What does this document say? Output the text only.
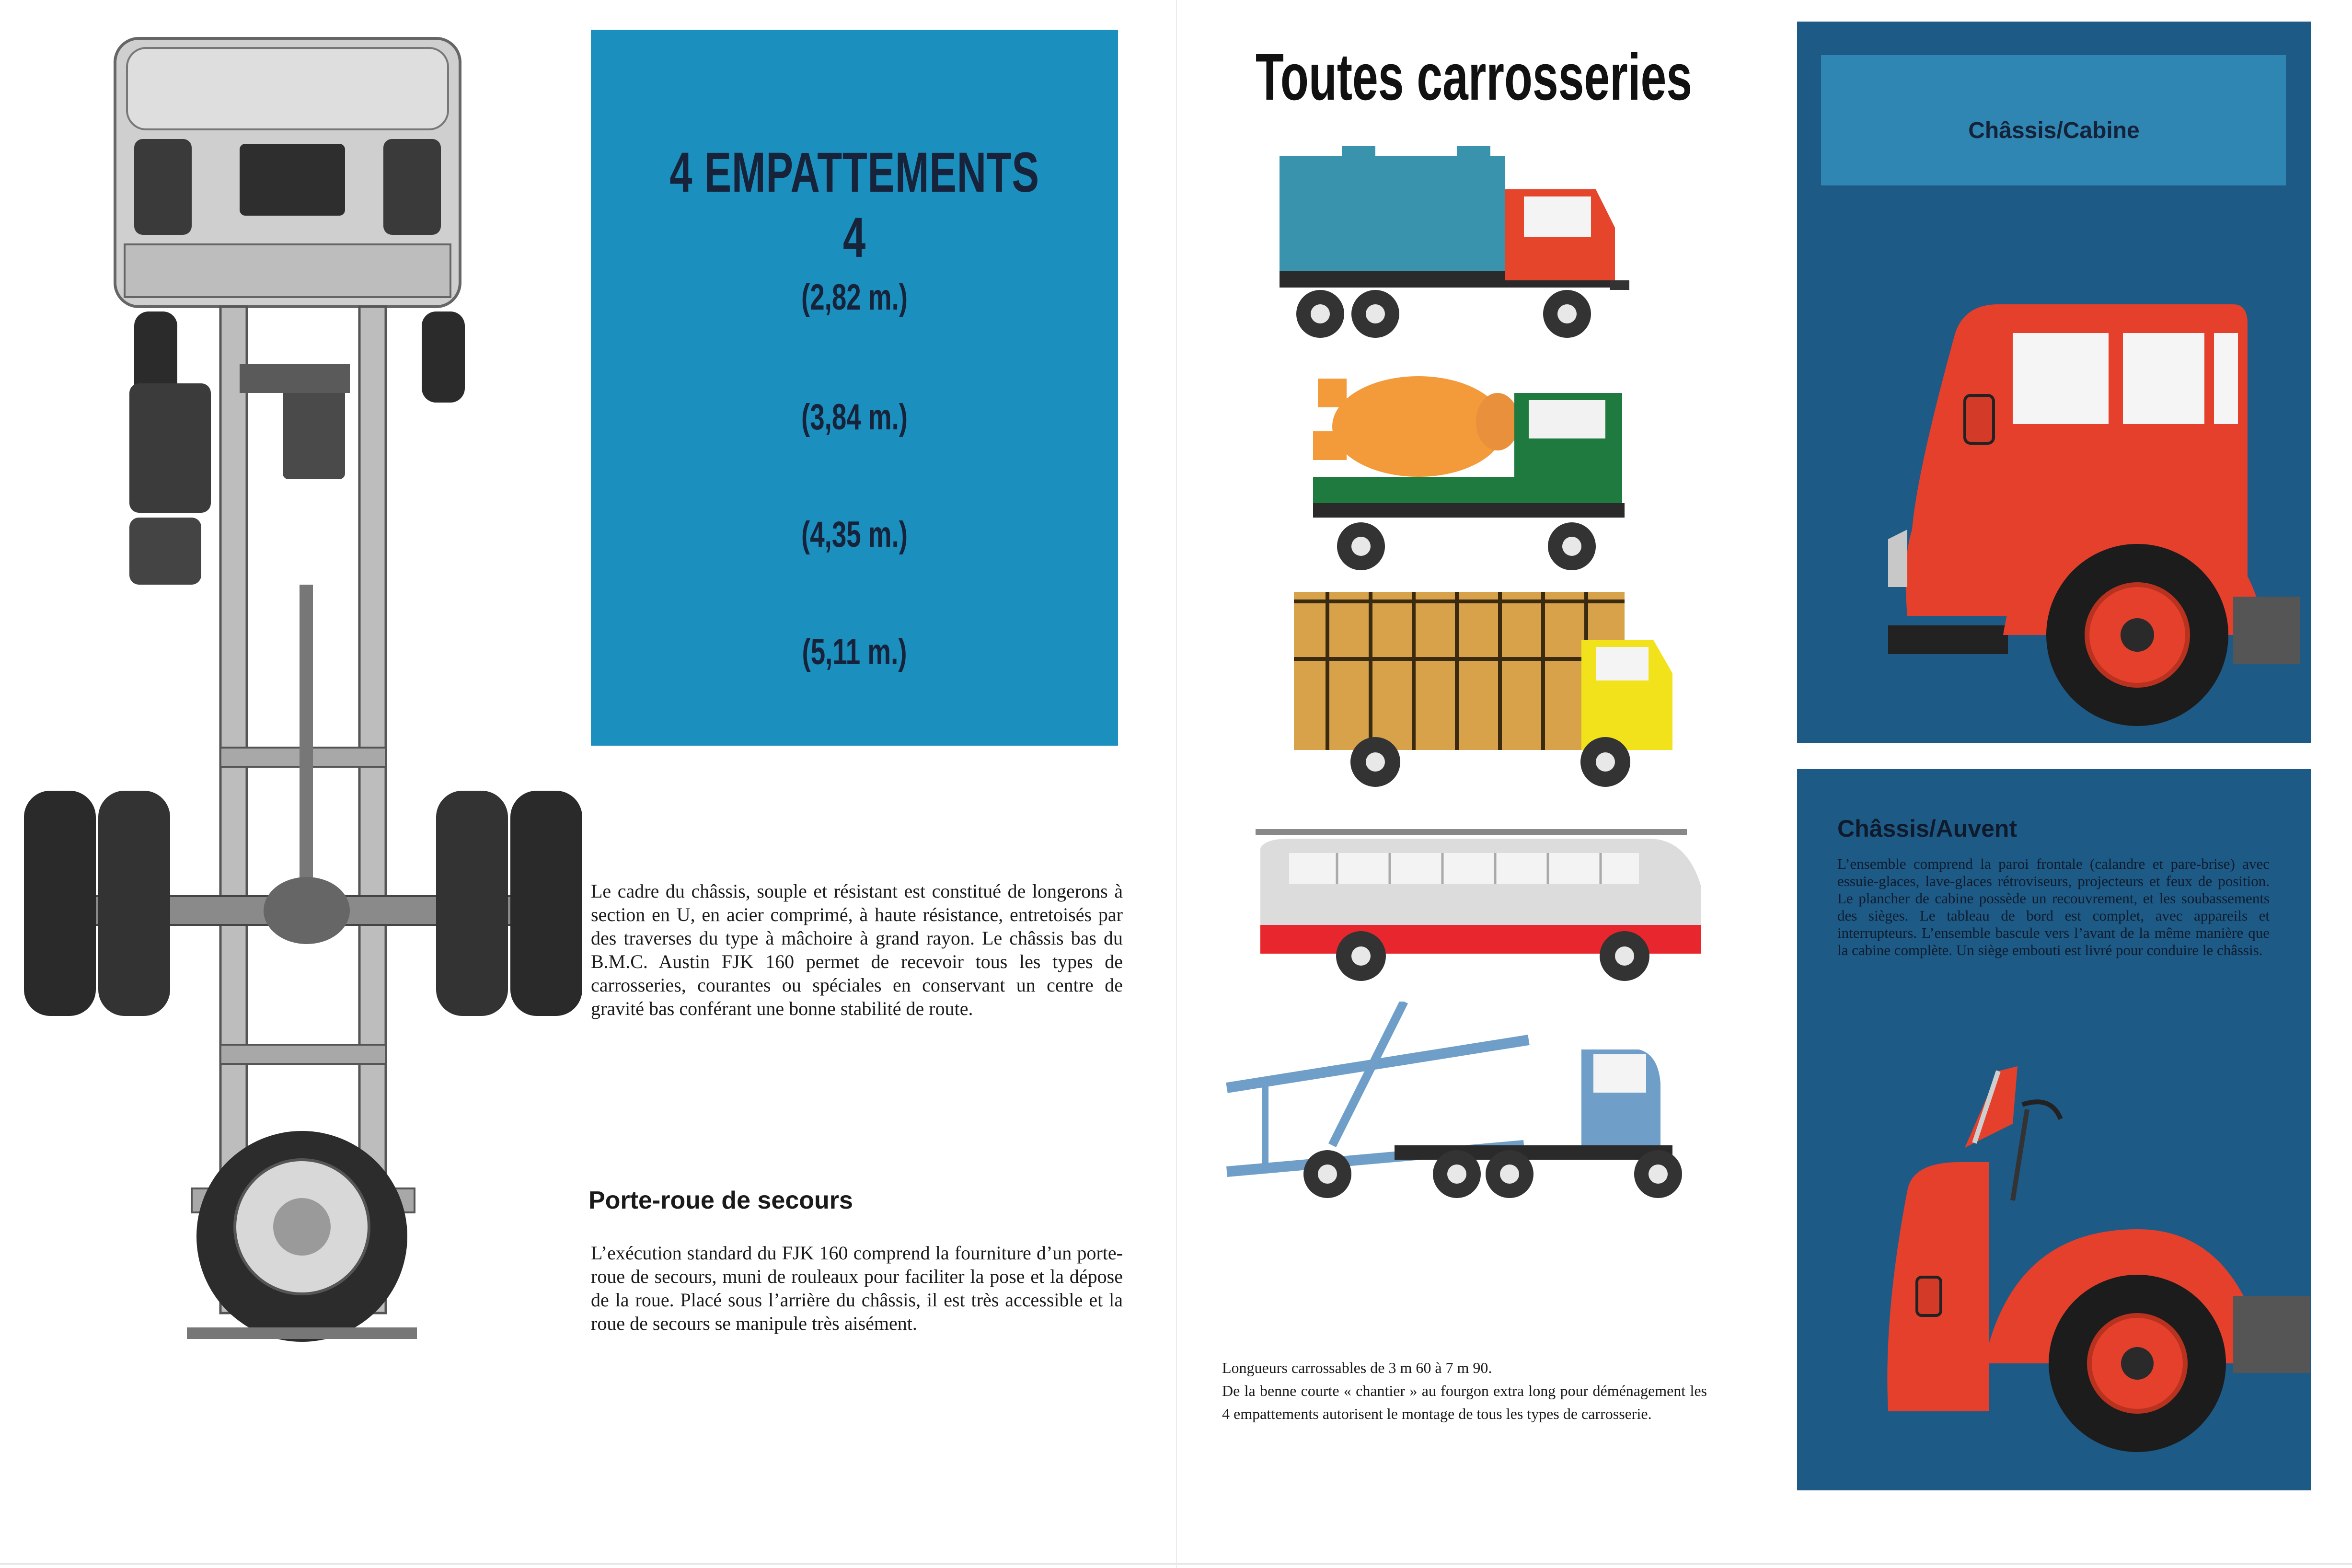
4 EMPATTEMENTS 4
(2,82 m.)
(3,84 m.)
(4,35 m.)
(5,11 m.)
Le cadre du châssis, souple et résistant est constitué de longerons à section en U, en acier comprimé, à haute résistance, entretoisés par des traverses du type à mâchoire à grand rayon. Le châssis bas du B.M.C. Austin FJK 160 permet de recevoir tous les types de carrosseries, courantes ou spéciales en conservant un centre de gravité bas conférant une bonne stabilité de route.
Porte-roue de secours
L’exécution standard du FJK 160 comprend la fourniture d’un porte-roue de secours, muni de rouleaux pour faciliter la pose et la dépose de la roue. Placé sous l’arrière du châssis, il est très accessible et la roue de secours se manipule très aisément.
Toutes carrosseries
Longueurs carrossables de 3 m 60 à 7 m 90.
De la benne courte « chantier » au fourgon extra long pour déménagement les 4 empattements autorisent le montage de tous les types de carrosserie.
Châssis/Cabine
Châssis/Auvent
L’ensemble comprend la paroi frontale (calandre et pare-brise) avec essuie-glaces, lave-glaces rétroviseurs, projecteurs et feux de position. Le plancher de cabine possède un recouvrement, et les soubassements des sièges. Le tableau de bord est complet, avec appareils et interrupteurs. L’ensemble bascule vers l’avant de la même manière que la cabine complète. Un siège embouti est livré pour conduire le châssis.
